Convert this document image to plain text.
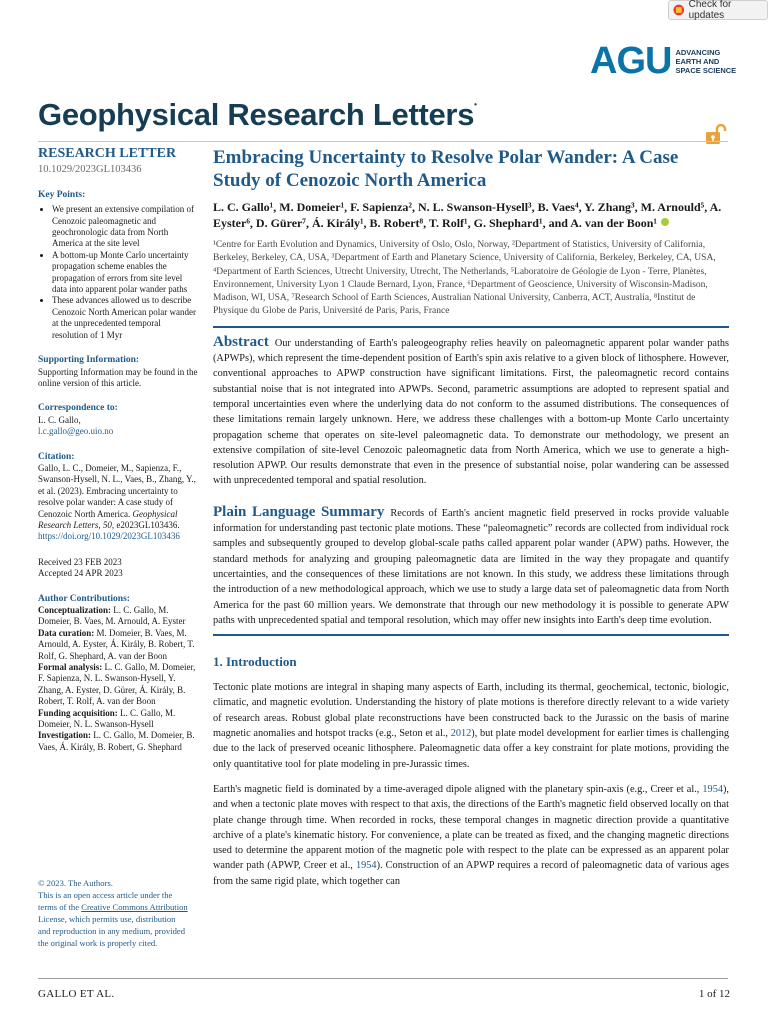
Check for updates
AGU ADVANCING
EARTH AND
SPACE SCIENCE
Geophysical Research Letters•
RESEARCH LETTER
10.1029/2023GL103436
Key Points:
• We present an extensive compilation of Cenozoic paleomagnetic and geochronologic data from North America at the site level
• A bottom-up Monte Carlo uncertainty propagation scheme enables the propagation of errors from site level data into apparent polar wander paths
• These advances allowed us to describe Cenozoic North American polar wander at the unprecedented temporal resolution of 1 Myr
Supporting Information:
Supporting Information may be found in the online version of this article.
Correspondence to:
L. C. Gallo,
l.c.gallo@geo.uio.no
Citation:
Gallo, L. C., Domeier, M., Sapienza, F., Swanson-Hysell, N. L., Vaes, B., Zhang, Y., et al. (2023). Embracing uncertainty to resolve polar wander: A case study of Cenozoic North America. Geophysical Research Letters, 50, e2023GL103436. https://doi.org/10.1029/2023GL103436
Received 23 FEB 2023
Accepted 24 APR 2023
Author Contributions:
Conceptualization: L. C. Gallo, M. Domeier, B. Vaes, M. Arnould, A. Eyster
Data curation: M. Domeier, B. Vaes, M. Arnould, A. Eyster, Á. Király, B. Robert, T. Rolf, G. Shephard, A. van der Boon
Formal analysis: L. C. Gallo, M. Domeier, F. Sapienza, N. L. Swanson-Hysell, Y. Zhang, A. Eyster, D. Gürer, Á. Király, B. Robert, T. Rolf, A. van der Boon
Funding acquisition: L. C. Gallo, M. Domeier, N. L. Swanson-Hysell
Investigation: L. C. Gallo, M. Domeier, B. Vaes, Á. Király, B. Robert, G. Shephard
© 2023. The Authors.
This is an open access article under the terms of the Creative Commons Attribution License, which permits use, distribution and reproduction in any medium, provided the original work is properly cited.
Embracing Uncertainty to Resolve Polar Wander: A Case Study of Cenozoic North America
L. C. Gallo¹, M. Domeier¹, F. Sapienza², N. L. Swanson-Hysell³, B. Vaes⁴, Y. Zhang³, M. Arnould⁵, A. Eyster⁶, D. Gürer⁷, Á. Király¹, B. Robert⁸, T. Rolf¹, G. Shephard¹, and A. van der Boon¹
¹Centre for Earth Evolution and Dynamics, University of Oslo, Oslo, Norway, ²Department of Statistics, University of California, Berkeley, Berkeley, CA, USA, ³Department of Earth and Planetary Science, University of California, Berkeley, Berkeley, CA, USA, ⁴Department of Earth Sciences, Utrecht University, Utrecht, The Netherlands, ⁵Laboratoire de Géologie de Lyon - Terre, Planètes, Environnement, University Lyon 1 Claude Bernard, Lyon, France, ⁶Department of Geoscience, University of Wisconsin-Madison, Madison, WI, USA, ⁷Research School of Earth Sciences, Australian National University, Canberra, ACT, Australia, ⁸Institut de Physique du Globe de Paris, Université de Paris, Paris, France
Abstract Our understanding of Earth's paleogeography relies heavily on paleomagnetic apparent polar wander paths (APWPs), which represent the time-dependent position of Earth's spin axis relative to a given block of lithosphere. However, conventional approaches to APWP construction have significant limitations. First, the paleomagnetic record contains substantial noise that is not integrated into APWPs. Second, parametric assumptions are adopted to represent spatial and temporal uncertainties even where the underlying data do not conform to the assumed distributions. The consequences of these limitations remain largely unknown. Here, we address these challenges with a bottom-up Monte Carlo uncertainty propagation scheme that operates on site-level paleomagnetic data. To demonstrate our methodology, we present an extensive compilation of site-level Cenozoic paleomagnetic data from North America, which we use to generate a high-resolution APWP. Our results demonstrate that even in the presence of substantial noise, polar wandering can be assessed with unprecedented temporal and spatial resolution.
Plain Language Summary Records of Earth's ancient magnetic field preserved in rocks provide valuable information for understanding past tectonic plate motions. These “paleomagnetic” records are collected from individual rock samples and subsequently grouped to develop global-scale paths called apparent polar wander (APW) paths. However, the standard methods for analyzing and grouping paleomagnetic data are limited in the way they propagate and quantify uncertainties, and the consequences of these limitations are not known. In this study, we address these limitations through the introduction of a new methodological approach, which we use to study a large data set of paleomagnetic data from North America for the past 60 million years. We demonstrate that through our new methodology it is possible to generate APW paths with unprecedented spatial and temporal resolution, which may offer new insights into Earth's deep time evolution.
1. Introduction
Tectonic plate motions are integral in shaping many aspects of Earth, including its thermal, geochemical, tectonic, biologic, climatic, and magnetic evolution. Understanding the history of plate motions is therefore directly relevant to a wide variety of research areas. Robust global plate reconstructions have been constructed back to the Jurassic on the basis of marine magnetic anomalies and hotspot tracks (e.g., Seton et al., 2012), but plate model development for earlier times is challenging due to the lack of preserved oceanic lithosphere. Paleomagnetic data offer a key constraint for plate motions, providing the only quantitative tool for plate modeling in pre-Jurassic times.
Earth's magnetic field is dominated by a time-averaged dipole aligned with the planetary spin-axis (e.g., Creer et al., 1954), and when a tectonic plate moves with respect to that axis, the directions of the Earth's magnetic field observed locally on that plate change through time. When recorded in rocks, these temporal changes in magnetic direction provide a quantitative archive of a plate's kinematic history. For convenience, a plate can be treated as fixed, and the changing magnetic directions used to determine the apparent motion of the magnetic pole with respect to the plate can be expressed as an apparent polar wander path (APWP, Creer et al., 1954). Construction of an APWP requires a record of paleomagnetic data of various ages from the same rigid plate, which together can
GALLO ET AL.	1 of 12
